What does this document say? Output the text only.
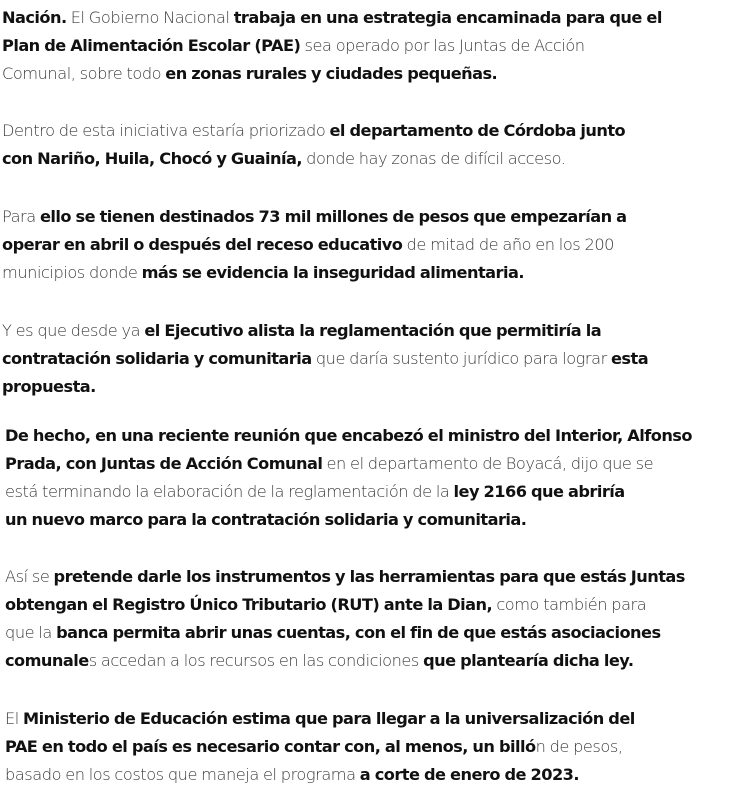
Nación. El Gobierno Nacional trabaja en una estrategia encaminada para que el
Plan de Alimentación Escolar (PAE) sea operado por las Juntas de Acción
Comunal, sobre todo en zonas rurales y ciudades pequeñas.

Dentro de esta iniciativa estaría priorizado el departamento de Córdoba junto
con Nariño, Huila, Chocó y Guainía, donde hay zonas de difícil acceso.

Para ello se tienen destinados 73 mil millones de pesos que empezarían a
operar en abril o después del receso educativo de mitad de año en los 200
municipios donde más se evidencia la inseguridad alimentaria.

Y es que desde ya el Ejecutivo alista la reglamentación que permitiría la
contratación solidaria y comunitaria que daría sustento jurídico para lograr esta
propuesta.

De hecho, en una reciente reunión que encabezó el ministro del Interior, Alfonso
Prada, con Juntas de Acción Comunal en el departamento de Boyacá, dijo que se
está terminando la elaboración de la reglamentación de la ley 2166 que abriría
un nuevo marco para la contratación solidaria y comunitaria.

Así se pretende darle los instrumentos y las herramientas para que estás Juntas
obtengan el Registro Único Tributario (RUT) ante la Dian, como también para
que la banca permita abrir unas cuentas, con el fin de que estás asociaciones
comunales accedan a los recursos en las condiciones que plantearía dicha ley.

El Ministerio de Educación estima que para llegar a la universalización del
PAE en todo el país es necesario contar con, al menos, un billón de pesos,
basado en los costos que maneja el programa a corte de enero de 2023.
